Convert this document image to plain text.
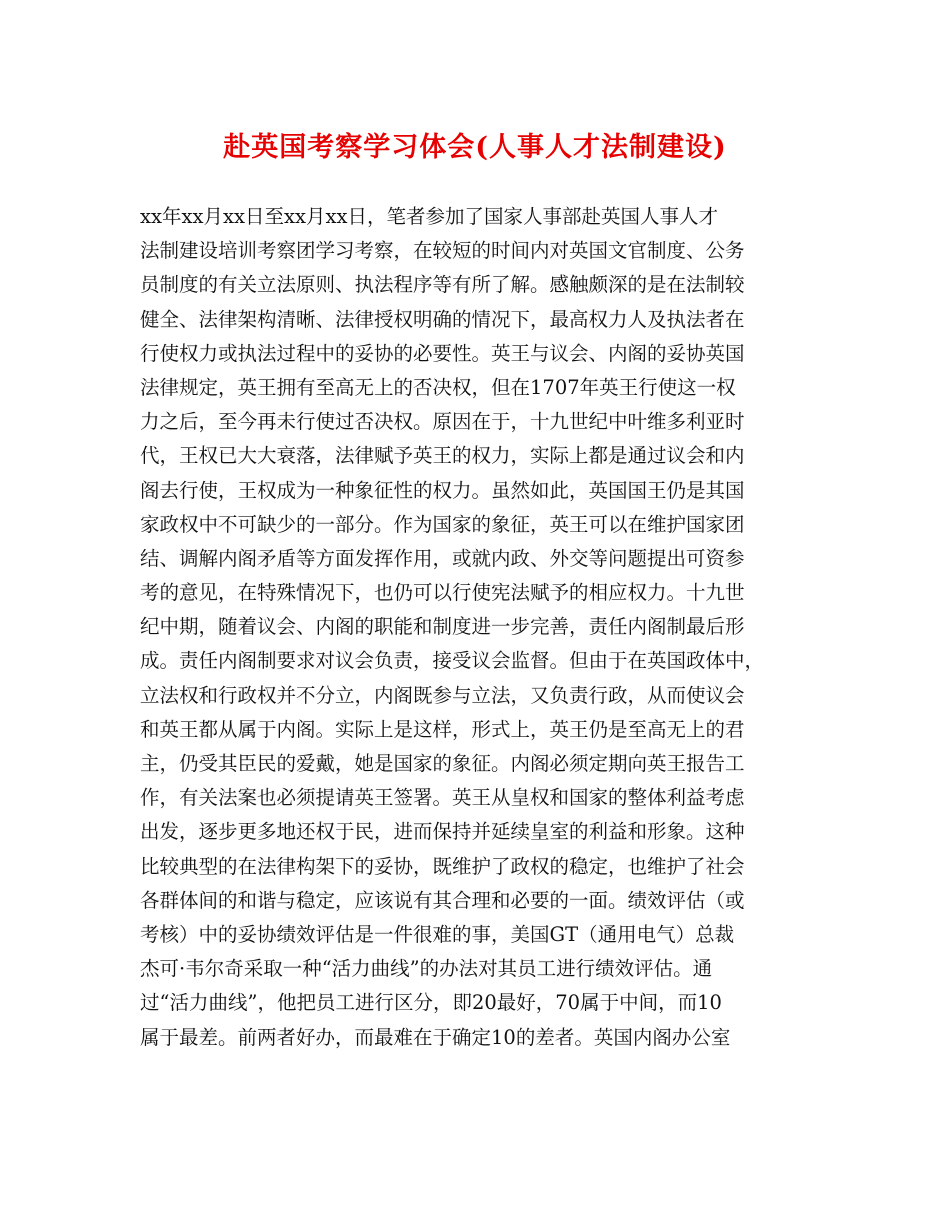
赴英国考察学习体会(人事人才法制建设)
xx年xx月xx日至xx月xx日，笔者参加了国家人事部赴英国人事人才
法制建设培训考察团学习考察，在较短的时间内对英国文官制度、公务
员制度的有关立法原则、执法程序等有所了解。感触颇深的是在法制较
健全、法律架构清晰、法律授权明确的情况下，最高权力人及执法者在
行使权力或执法过程中的妥协的必要性。英王与议会、内阁的妥协英国
法律规定，英王拥有至高无上的否决权，但在1707年英王行使这一权
力之后，至今再未行使过否决权。原因在于，十九世纪中叶维多利亚时
代，王权已大大衰落，法律赋予英王的权力，实际上都是通过议会和内
阁去行使，王权成为一种象征性的权力。虽然如此，英国国王仍是其国
家政权中不可缺少的一部分。作为国家的象征，英王可以在维护国家团
结、调解内阁矛盾等方面发挥作用，或就内政、外交等问题提出可资参
考的意见，在特殊情况下，也仍可以行使宪法赋予的相应权力。十九世
纪中期，随着议会、内阁的职能和制度进一步完善，责任内阁制最后形
成。责任内阁制要求对议会负责，接受议会监督。但由于在英国政体中，
立法权和行政权并不分立，内阁既参与立法，又负责行政，从而使议会
和英王都从属于内阁。实际上是这样，形式上，英王仍是至高无上的君
主，仍受其臣民的爱戴，她是国家的象征。内阁必须定期向英王报告工
作，有关法案也必须提请英王签署。英王从皇权和国家的整体利益考虑
出发，逐步更多地还权于民，进而保持并延续皇室的利益和形象。这种
比较典型的在法律构架下的妥协，既维护了政权的稳定，也维护了社会
各群体间的和谐与稳定，应该说有其合理和必要的一面。绩效评估（或
考核）中的妥协绩效评估是一件很难的事，美国GT（通用电气）总裁
杰可·韦尔奇采取一种“活力曲线”的办法对其员工进行绩效评估。通
过“活力曲线”，他把员工进行区分，即20最好，70属于中间，而10
属于最差。前两者好办，而最难在于确定10的差者。英国内阁办公室
